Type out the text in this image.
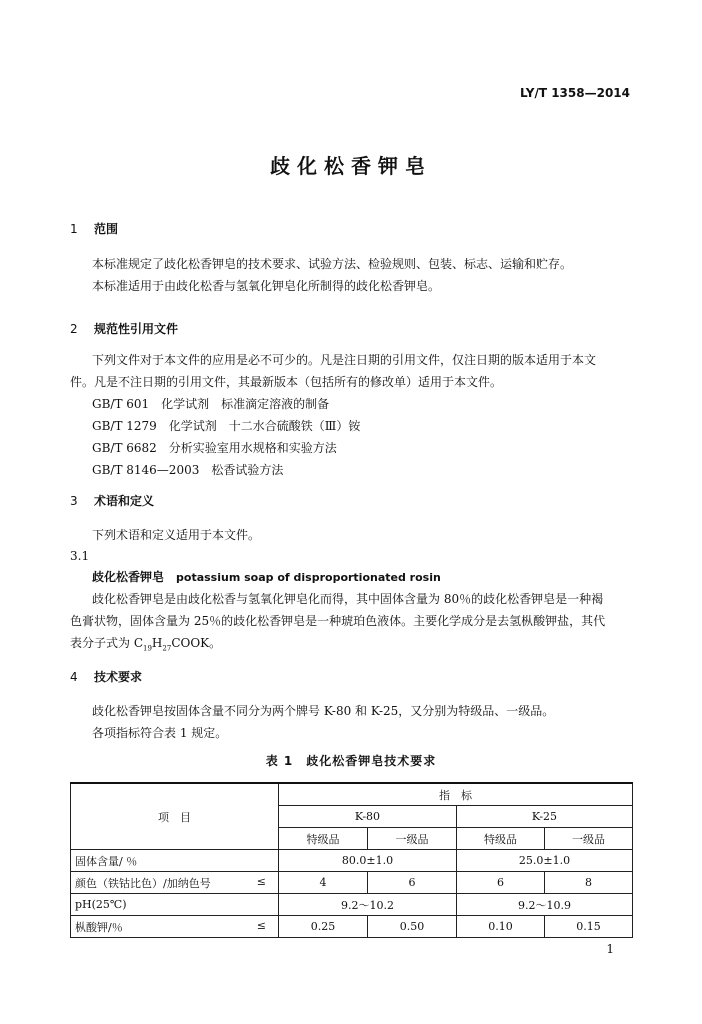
LY/T 1358—2014
歧化松香钾皂
1 范围
本标准规定了歧化松香钾皂的技术要求、试验方法、检验规则、包装、标志、运输和贮存。
本标准适用于由歧化松香与氢氧化钾皂化所制得的歧化松香钾皂。
2 规范性引用文件
下列文件对于本文件的应用是必不可少的。凡是注日期的引用文件，仅注日期的版本适用于本文
件。凡是不注日期的引用文件，其最新版本（包括所有的修改单）适用于本文件。
GB/T 601　化学试剂　标准滴定溶液的制备
GB/T 1279　化学试剂　十二水合硫酸铁（Ⅲ）铵
GB/T 6682　分析实验室用水规格和实验方法
GB/T 8146—2003　松香试验方法
3 术语和定义
下列术语和定义适用于本文件。
3.1
歧化松香钾皂 potassium soap of disproportionated rosin
歧化松香钾皂是由歧化松香与氢氧化钾皂化而得，其中固体含量为 80％的歧化松香钾皂是一种褐
色膏状物，固体含量为 25％的歧化松香钾皂是一种琥珀色液体。主要化学成分是去氢枞酸钾盐，其代
表分子式为 $C_{19}H_{27}COOK$。
4 技术要求
歧化松香钾皂按固体含量不同分为两个牌号 K-80 和 K-25，又分别为特级品、一级品。
各项指标符合表 1 规定。
表 1　歧化松香钾皂技术要求
项　目	指　标			
	K-80		K-25	
	特级品	一级品	特级品	一级品
固体含量/ ％	80.0±1.0		25.0±1.0	
颜色（铁钴比色）/加纳色号 ≤	4	6	6	8
pH(25℃)	9.2～10.2		9.2～10.9	
枞酸钾/％ ≤	0.25	0.50	0.10	0.15
1
